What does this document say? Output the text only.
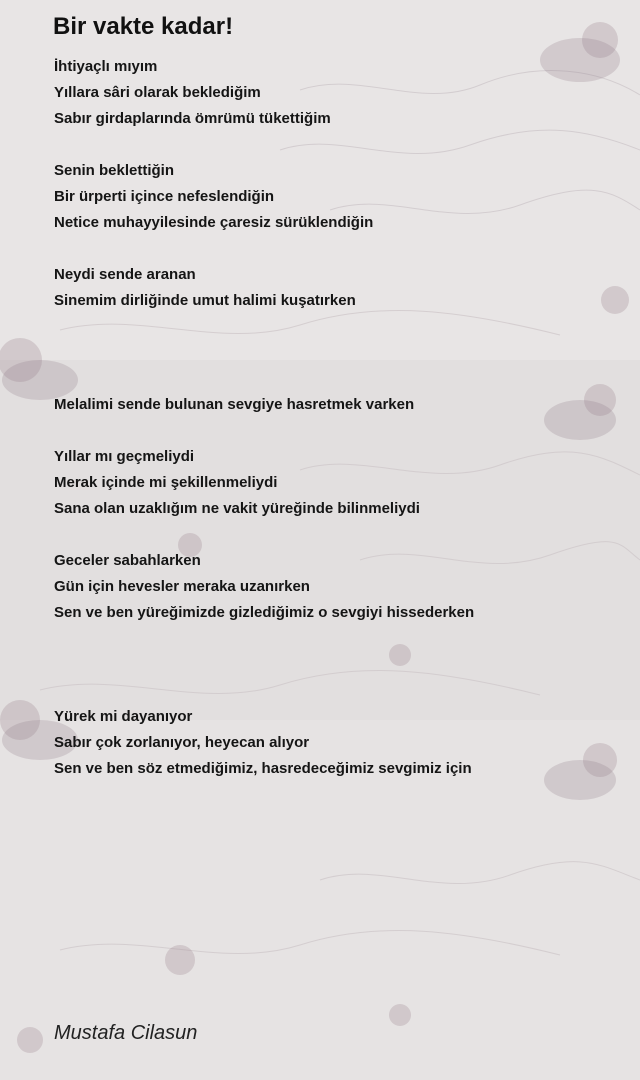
Bir vakte kadar!
İhtiyaçlı mıyım
Yıllara sâri olarak beklediğim
Sabır girdaplarında ömrümü tükettiğim
Senin beklettiğin
Bir ürperti içince nefeslendiğin
Netice muhayyilesinde çaresiz sürüklendiğin
Neydi sende aranan
Sinemim dirliğinde umut halimi kuşatırken
Melalimi sende bulunan sevgiye hasretmek varken
Yıllar mı geçmeliydi
Merak içinde mi şekillenmeliydi
Sana olan uzaklığım ne vakit yüreğinde bilinmeliydi
Geceler sabahlarken
Gün için hevesler meraka uzanırken
Sen ve ben yüreğimizde gizlediğimiz o sevgiyi hissederken
Yürek mi dayanıyor
Sabır çok zorlanıyor, heyecan alıyor
Sen ve ben söz etmediğimiz, hasredeceğimiz sevgimiz için
Mustafa Cilasun
